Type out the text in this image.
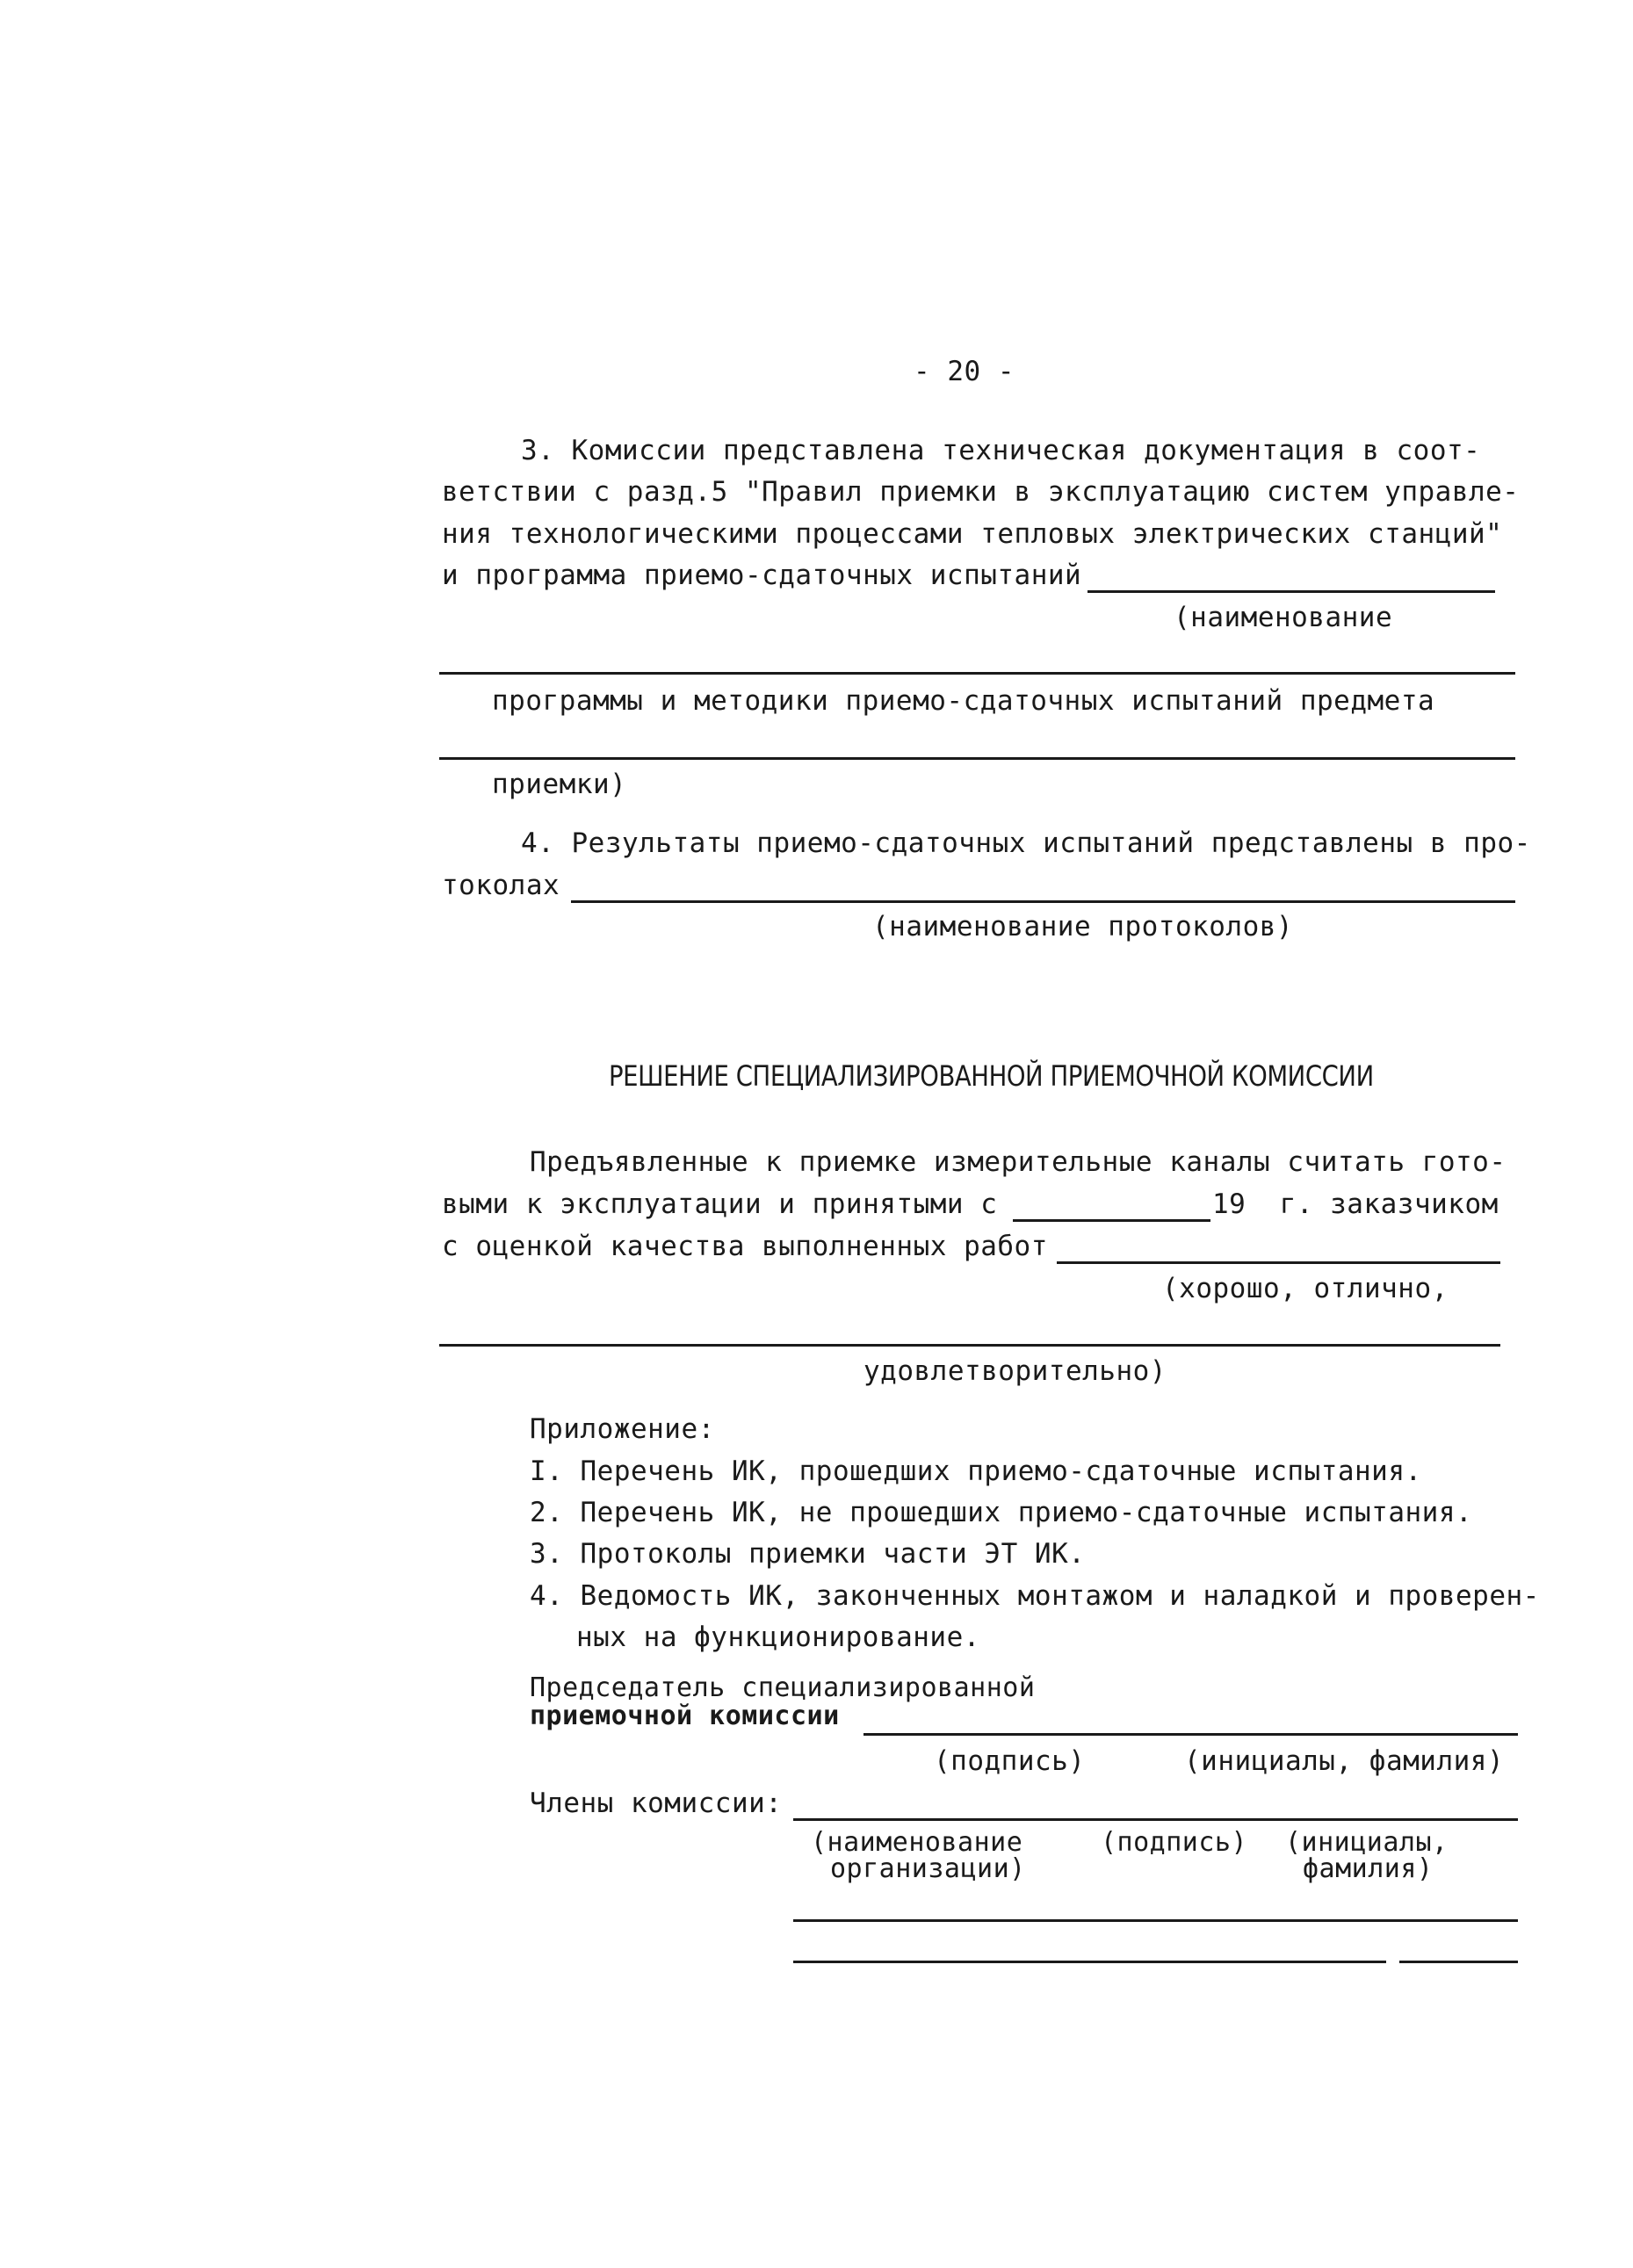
- 20 -
3. Комиссии представлена техническая документация в соот-
ветствии с разд.5 "Правил приемки в эксплуатацию систем управле-
ния технологическими процессами тепловых электрических станций"
и программа приемо-сдаточных испытаний
(наименование
программы и методики приемо-сдаточных испытаний предмета
приемки)
4. Результаты приемо-сдаточных испытаний представлены в про-
токолах
(наименование протоколов)
РЕШЕНИЕ СПЕЦИАЛИЗИРОВАННОЙ ПРИЕМОЧНОЙ КОМИССИИ
Предъявленные к приемке измерительные каналы считать гото-
выми к эксплуатации и принятыми с	19  г. заказчиком
с оценкой качества выполненных работ
(хорошо, отлично,
удовлетворительно)
Приложение:
I. Перечень ИК, прошедших приемо-сдаточные испытания.
2. Перечень ИК, не прошедших приемо-сдаточные испытания.
3. Протоколы приемки части ЭТ ИК.
4. Ведомость ИК, законченных монтажом и наладкой и проверен-
ных на функционирование.
Председатель специализированной
приемочной комиссии
(подпись)	(инициалы, фамилия)
Члены комиссии:
(наименование
организации)
(подпись) (инициалы,
фамилия)
